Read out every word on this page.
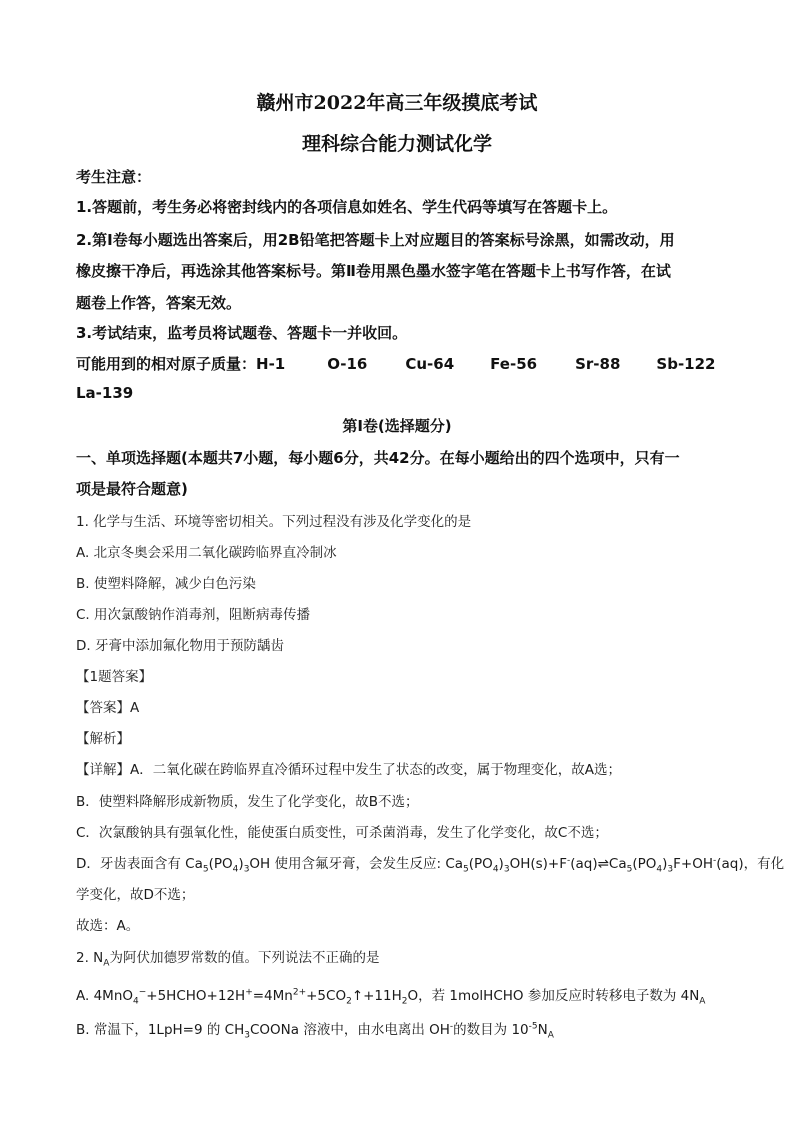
赣州市2022年高三年级摸底考试
理科综合能力测试化学
考生注意：
1.答题前，考生务必将密封线内的各项信息如姓名、学生代码等填写在答题卡上。
2.第Ⅰ卷每小题选出答案后，用2B铅笔把答题卡上对应题目的答案标号涂黑，如需改动，用
橡皮擦干净后，再选涂其他答案标号。第Ⅱ卷用黑色墨水签字笔在答题卡上书写作答，在试
题卷上作答，答案无效。
3.考试结束，监考员将试题卷、答题卡一并收回。
可能用到的相对原子质量：H-1	O-16	Cu-64 Fe-56	Sr-88 Sb-122
La-139
第Ⅰ卷(选择题分)
一、单项选择题(本题共7小题，每小题6分，共42分。在每小题给出的四个选项中，只有一
项是最符合题意)
1. 化学与生活、环境等密切相关。下列过程没有涉及化学变化的是
A. 北京冬奥会采用二氧化碳跨临界直冷制冰
B. 使塑料降解，减少白色污染
C. 用次氯酸钠作消毒剂，阻断病毒传播
D. 牙膏中添加氟化物用于预防龋齿
【1题答案】
【答案】A
【解析】
【详解】A．二氧化碳在跨临界直冷循环过程中发生了状态的改变，属于物理变化，故A选；
B．使塑料降解形成新物质，发生了化学变化，故B不选；
C．次氯酸钠具有强氧化性，能使蛋白质变性，可杀菌消毒，发生了化学变化，故C不选；
D．牙齿表面含有 $Ca_5(PO_4)_3OH$ 使用含氟牙膏，会发生反应: $Ca_5(PO_4)_3OH(s)+F^-(aq)\rightleftharpoons Ca_5(PO_4)_3F+OH^-(aq)$，有化
学变化，故D不选；
故选：A。
2. $N_A$为阿伏加德罗常数的值。下列说法不正确的是
A. $4MnO_4^-+5HCHO+12H^+=4Mn^{2+}+5CO_2↑+11H_2O$，若 1molHCHO 参加反应时转移电子数为 $4N_A$
B. 常温下，1LpH=9 的 $CH_3COONa$ 溶液中，由水电离出 OH-的数目为 $10^{-5}N_A$
